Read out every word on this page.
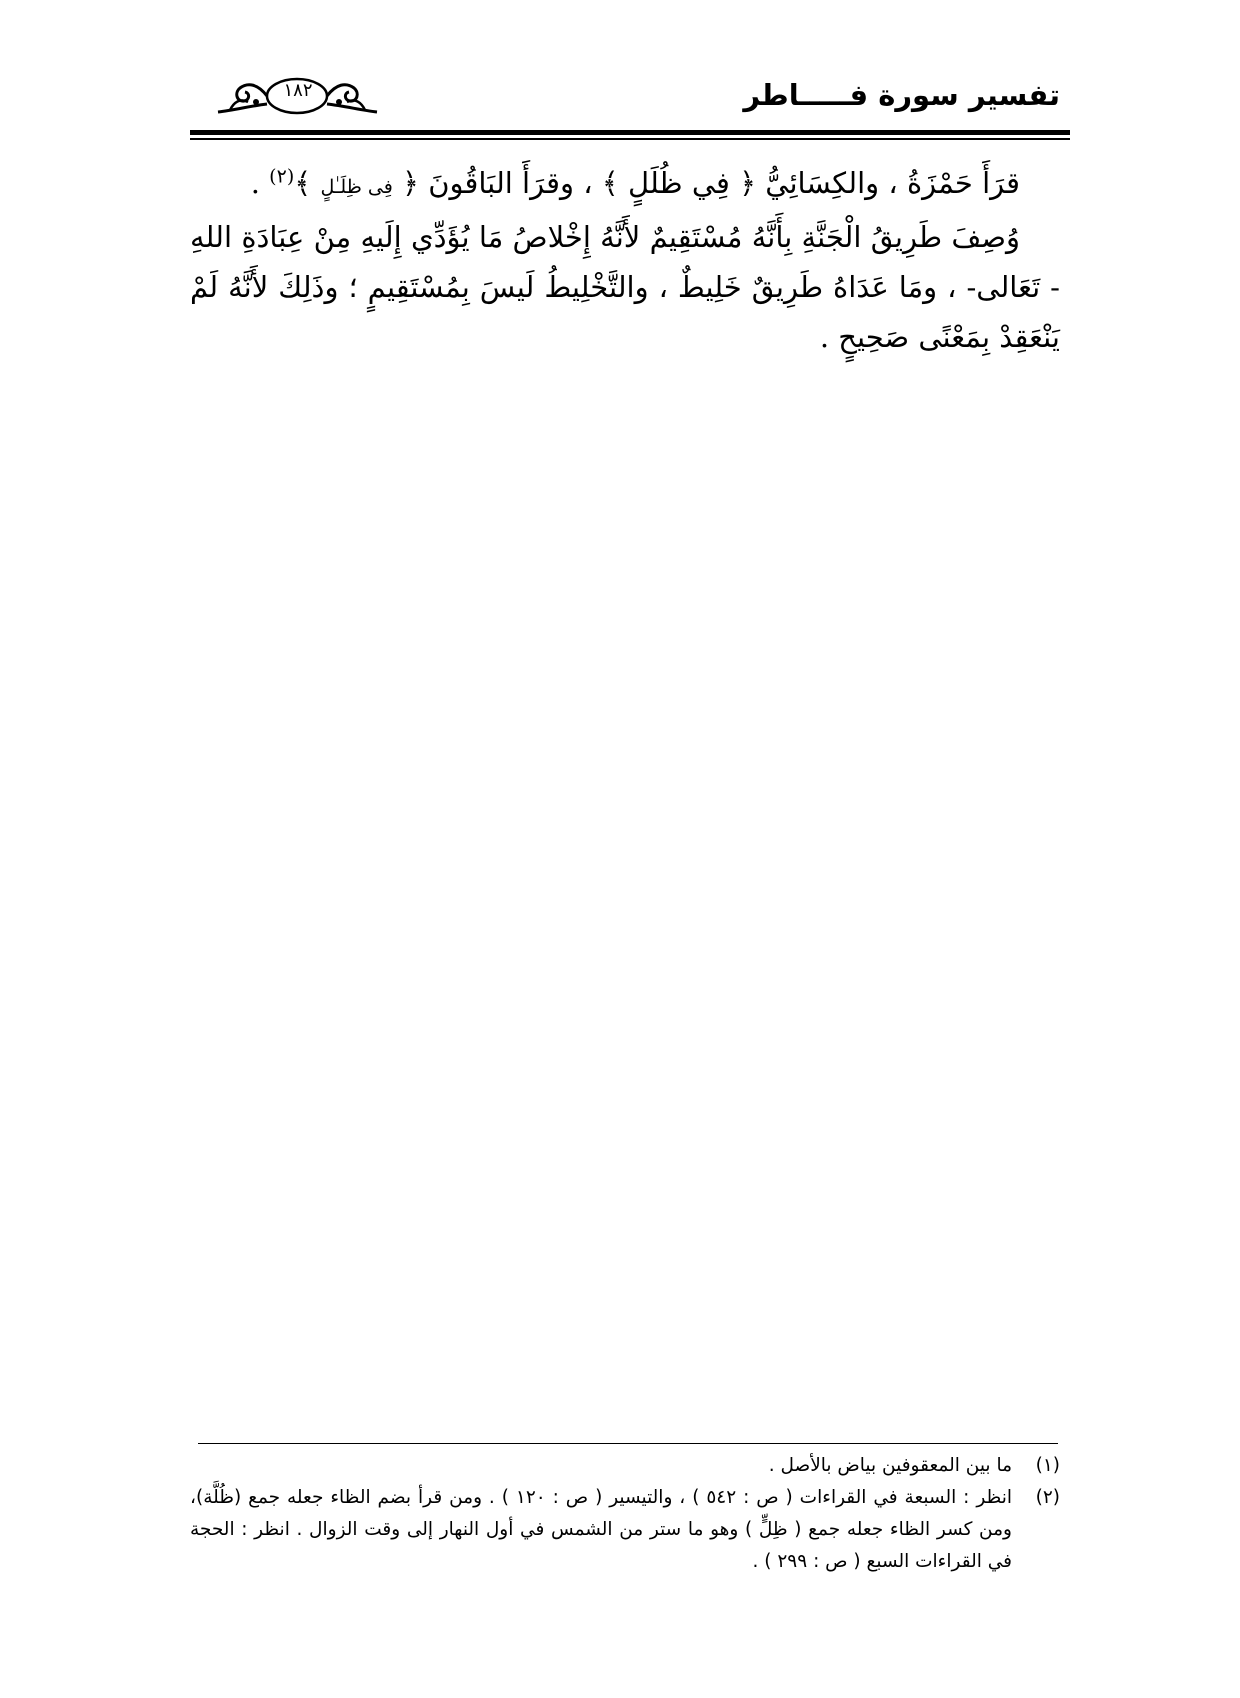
تفسير سورة فـــــاطر
١٨٢

قرَأَ حَمْزَةُ ، والكِسَائِيُّ ﴿ فِي ظُلَلٍ ﴾ ، وقرَأَ البَاقُونَ ﴿ فِى ظِلَـٰلٍ ﴾$^{(٢)}$ .

وُصِفَ طَرِيقُ الْجَنَّةِ بِأَنَّهُ مُسْتَقِيمٌ لأَنَّهُ إِخْلاصُ مَا يُؤَدِّي إِلَيهِ مِنْ عِبَادَةِ اللهِ - تَعَالى- ، ومَا عَدَاهُ طَرِيقٌ خَلِيطٌ ، والتَّخْلِيطُ لَيسَ بِمُسْتَقِيمٍ ؛ وذَلِكَ لأَنَّهُ لَمْ يَنْعَقِدْ بِمَعْنًى صَحِيحٍ .

(١)
ما بين المعقوفين بياض بالأصل .
(٢)
انظر : السبعة في القراءات ( ص : ٥٤٢ ) ، والتيسير ( ص : ١٢٠ ) . ومن قرأ بضم الظاء جعله جمع (ظُلَّة)، ومن كسر الظاء جعله جمع ( ظِلٍّ ) وهو ما ستر من الشمس في أول النهار إلى وقت الزوال . انظر : الحجة في القراءات السبع ( ص : ٢٩٩ ) .
